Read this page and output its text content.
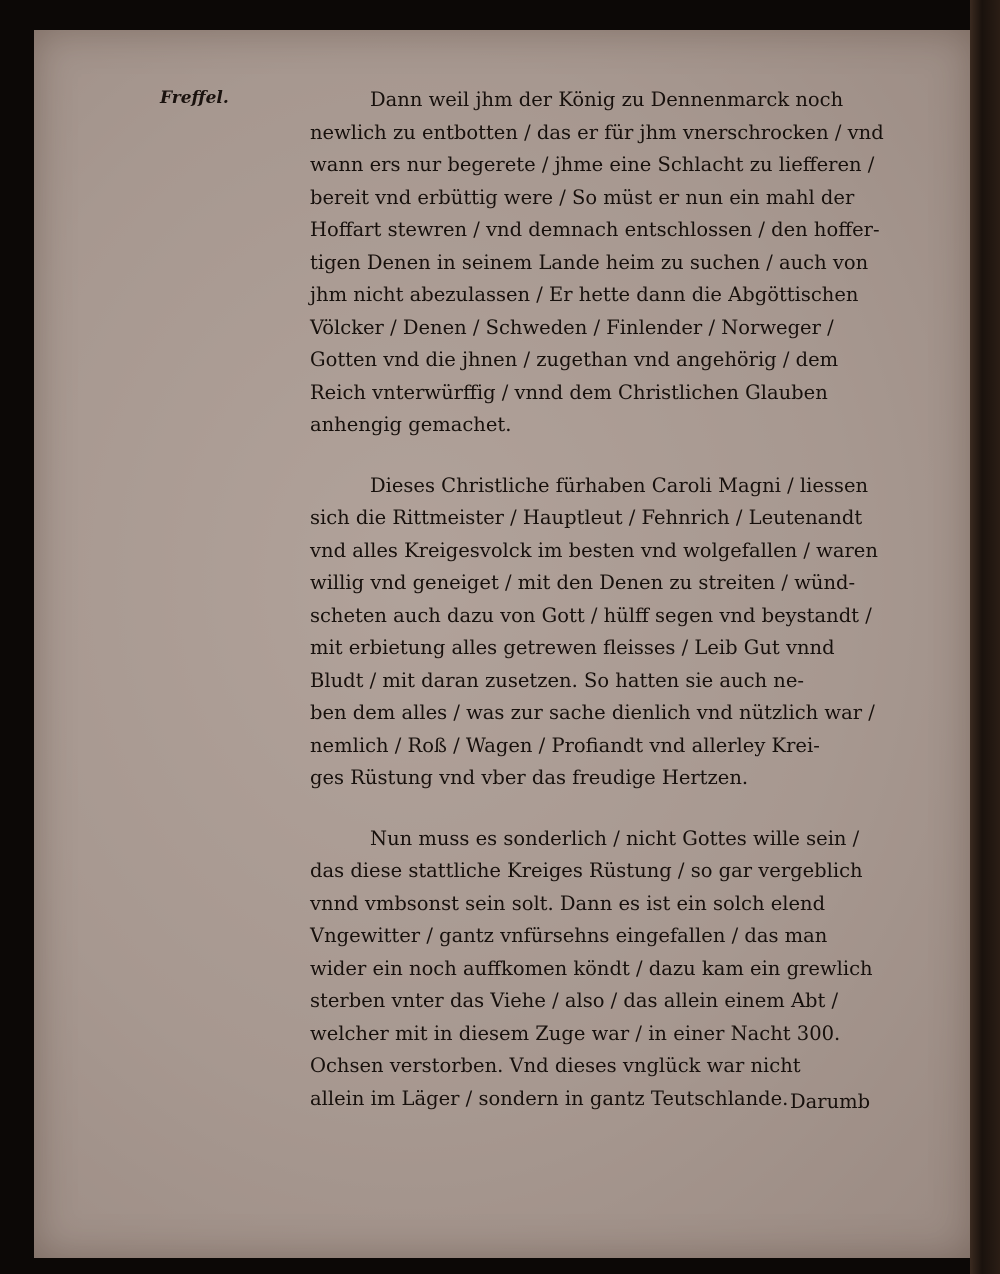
Freffel.	Dann weil jhm der König zu Dennenmarck noch
newlich zu entbotten / das er für jhm vnerschrocken / vnd
wann ers nur begerete / jhme eine Schlacht zu liefferen /
bereit vnd erbüttig were / So müst er nun ein mahl der
Hoffart stewren / vnd demnach entschlossen / den hoffer-
tigen Denen in seinem Lande heim zu suchen / auch von
jhm nicht abezulassen / Er hette dann die Abgöttischen
Völcker / Denen / Schweden / Finlender / Norweger /
Gotten vnd die jhnen / zugethan vnd angehörig / dem
Reich vnterwürffig / vnnd dem Christlichen Glauben
anhengig gemachet.
Dieses Christliche fürhaben Caroli Magni / liessen
sich die Rittmeister / Hauptleut / Fehnrich / Leutenandt
vnd alles Kreigesvolck im besten vnd wolgefallen / waren
willig vnd geneiget / mit den Denen zu streiten / wünd-
scheten auch dazu von Gott / hülff segen vnd beystandt /
mit erbietung alles getrewen fleisses / Leib Gut vnnd
Bludt / mit daran zusetzen. So hatten sie auch ne-
ben dem alles / was zur sache dienlich vnd nützlich war /
nemlich / Roß / Wagen / Profiandt vnd allerley Krei-
ges Rüstung vnd vber das freudige Hertzen.
Nun muss es sonderlich / nicht Gottes wille sein /
das diese stattliche Kreiges Rüstung / so gar vergeblich
vnnd vmbsonst sein solt. Dann es ist ein solch elend
Vngewitter / gantz vnfürsehns eingefallen / das man
wider ein noch auffkomen köndt / dazu kam ein grewlich
sterben vnter das Viehe / also / das allein einem Abt /
welcher mit in diesem Zuge war / in einer Nacht 300.
Ochsen verstorben. Vnd dieses vnglück war nicht
allein im Läger / sondern in gantz Teutschlande. Darumb
